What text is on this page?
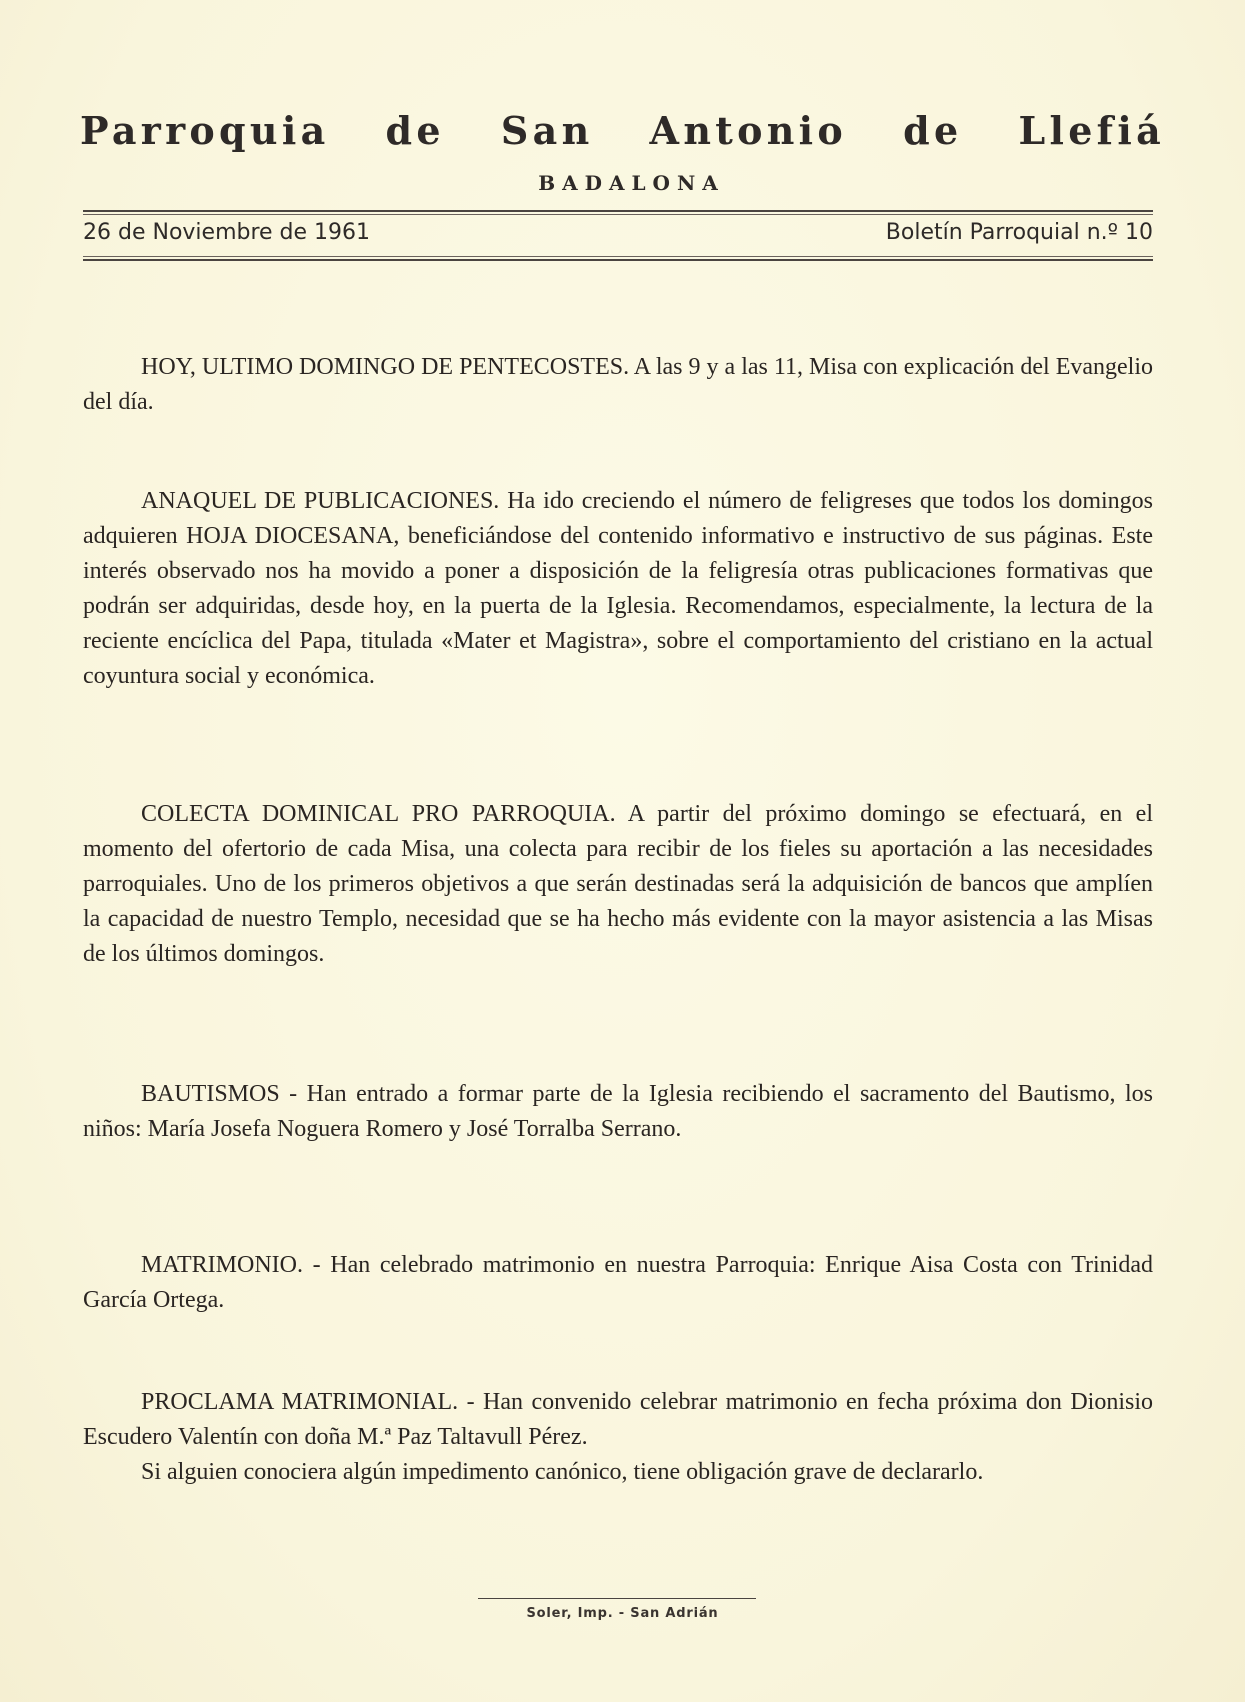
Parroquia de San Antonio de Llefiá
BADALONA
26 de Noviembre de 1961	Boletín Parroquial n.º 10

HOY, ULTIMO DOMINGO DE PENTECOSTES. A las 9 y a las 11, Misa con explicación del Evangelio del día.

ANAQUEL DE PUBLICACIONES. Ha ido creciendo el número de feligreses que todos los domingos adquieren HOJA DIOCESANA, beneficiándose del contenido informativo e instructivo de sus páginas. Este interés observado nos ha movido a poner a disposición de la feligresía otras publicaciones formativas que podrán ser adquiridas, desde hoy, en la puerta de la Iglesia. Recomendamos, especialmente, la lectura de la reciente encíclica del Papa, titulada «Mater et Magistra», sobre el comportamiento del cristiano en la actual coyuntura social y económica.

COLECTA DOMINICAL PRO PARROQUIA. A partir del próximo domingo se efectuará, en el momento del ofertorio de cada Misa, una colecta para recibir de los fieles su aportación a las necesidades parroquiales. Uno de los primeros objetivos a que serán destinadas será la adquisición de bancos que amplíen la capacidad de nuestro Templo, necesidad que se ha hecho más evidente con la mayor asistencia a las Misas de los últimos domingos.

BAUTISMOS - Han entrado a formar parte de la Iglesia recibiendo el sacramento del Bautismo, los niños: María Josefa Noguera Romero y José Torralba Serrano.

MATRIMONIO. - Han celebrado matrimonio en nuestra Parroquia: Enrique Aisa Costa con Trinidad García Ortega.

PROCLAMA MATRIMONIAL. - Han convenido celebrar matrimonio en fecha próxima don Dionisio Escudero Valentín con doña M.ª Paz Taltavull Pérez.

Si alguien conociera algún impedimento canónico, tiene obligación grave de declararlo.

Soler, Imp. - San Adrián
